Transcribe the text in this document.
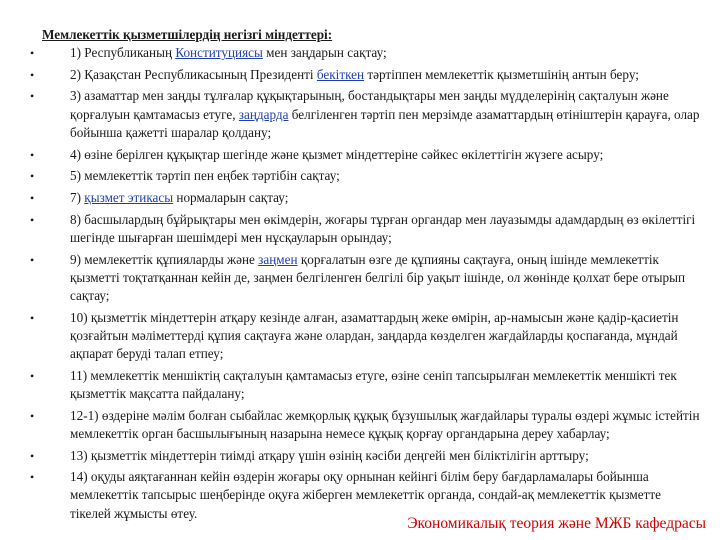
Мемлекеттік қызметшілердің негізгі міндеттері:
•	1) Республиканың Конституциясы мен заңдарын сақтау;
•	2) Қазақстан Республикасының Президенті бекіткен тәртіппен мемлекеттік қызметшінің антын беру;
•	3) азаматтар мен заңды тұлғалар құқықтарының, бостандықтары мен заңды мүдделерінің сақталуын және қорғалуын қамтамасыз етуге, заңдарда белгіленген тәртіп пен мерзімде азаматтардың өтініштерін қарауға, олар бойынша қажетті шаралар қолдану;
•	4) өзіне берілген құқықтар шегінде және қызмет міндеттеріне сәйкес өкілеттігін жүзеге асыру;
•	5) мемлекеттік тәртіп пен еңбек тәртібін сақтау;
•	7) қызмет этикасы нормаларын сақтау;
•	8) басшылардың бұйрықтары мен өкімдерін, жоғары тұрған органдар мен лауазымды адамдардың өз өкілеттігі шегінде шығарған шешімдері мен нұсқауларын орындау;
•	9) мемлекеттік құпияларды және заңмен қорғалатын өзге де құпияны сақтауға, оның ішінде мемлекеттік қызметті тоқтатқаннан кейін де, заңмен белгіленген белгілі бір уақыт ішінде, ол жөнінде қолхат бере отырып сақтау;
•	10) қызметтік міндеттерін атқару кезінде алған, азаматтардың жеке өмірін, ар-намысын және қадір-қасиетін қозғайтын мәліметтерді құпия сақтауға және олардан, заңдарда көзделген жағдайларды қоспағанда, мұндай ақпарат беруді талап етпеу;
•	11) мемлекеттік меншіктің сақталуын қамтамасыз етуге, өзіне сеніп тапсырылған мемлекеттік меншікті тек қызметтік мақсатта пайдалану;
•	12-1) өздеріне мәлім болған сыбайлас жемқорлық құқық бұзушылық жағдайлары туралы өздері жұмыс істейтін мемлекеттік орган басшылығының назарына немесе құқық қорғау органдарына дереу хабарлау;
•	13) қызметтік міндеттерін тиімді атқару үшін өзінің кәсіби деңгейі мен біліктілігін арттыру;
•	14) оқуды аяқтағаннан кейін өздерін жоғары оқу орнынан кейінгі білім беру бағдарламалары бойынша мемлекеттік тапсырыс шеңберінде оқуға жіберген мемлекеттік органда, сондай-ақ мемлекеттік қызметте тікелей жұмысты өтеу.
Экономикалық теория және МЖБ кафедрасы
